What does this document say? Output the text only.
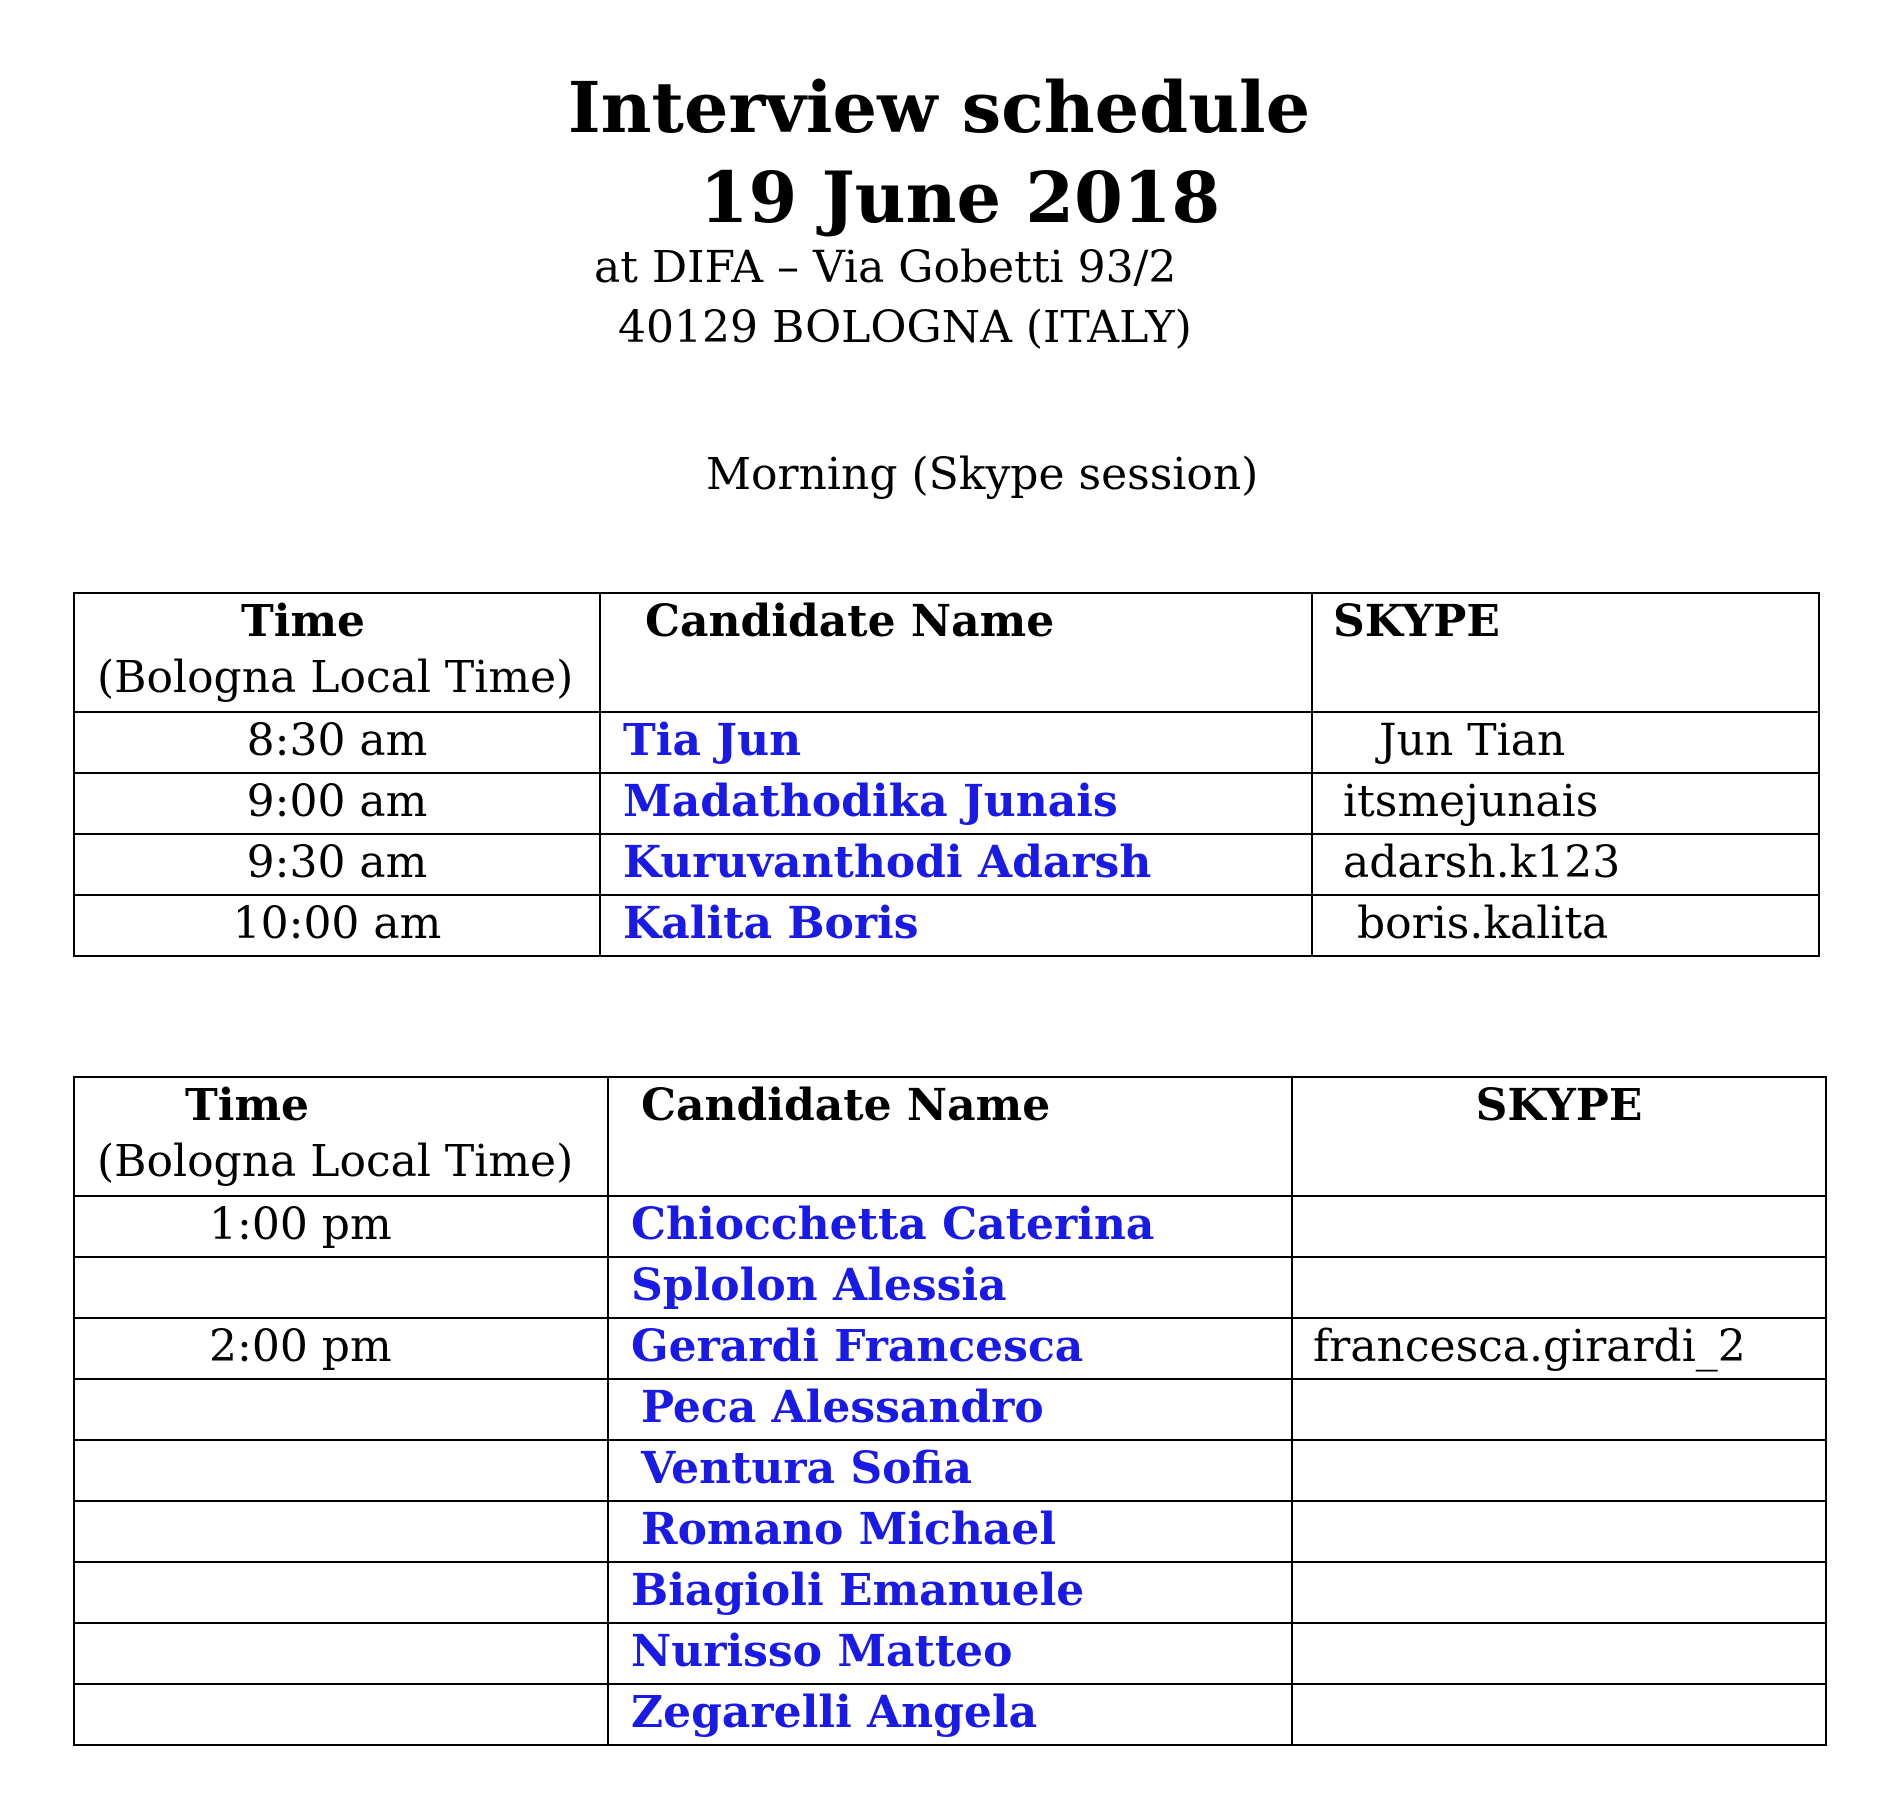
Interview schedule
19 June 2018
at DIFA – Via Gobetti 93/2
40129 BOLOGNA (ITALY)
Morning (Skype session)
Time
(Bologna Local Time)	Candidate Name	SKYPE

8:30 am	Tia Jun	Jun Tian
9:00 am	Madathodika Junais	itsmejunais
9:30 am	Kuruvanthodi Adarsh	adarsh.k123
10:00 am	Kalita Boris	boris.kalita
Time
(Bologna Local Time)	Candidate Name	SKYPE

1:00 pm	Chiocchetta Caterina	
	Splolon Alessia	
2:00 pm	Gerardi Francesca	francesca.girardi_2
	Peca Alessandro	
	Ventura Sofia	
	Romano Michael	
	Biagioli Emanuele	
	Nurisso Matteo	
	Zegarelli Angela	
